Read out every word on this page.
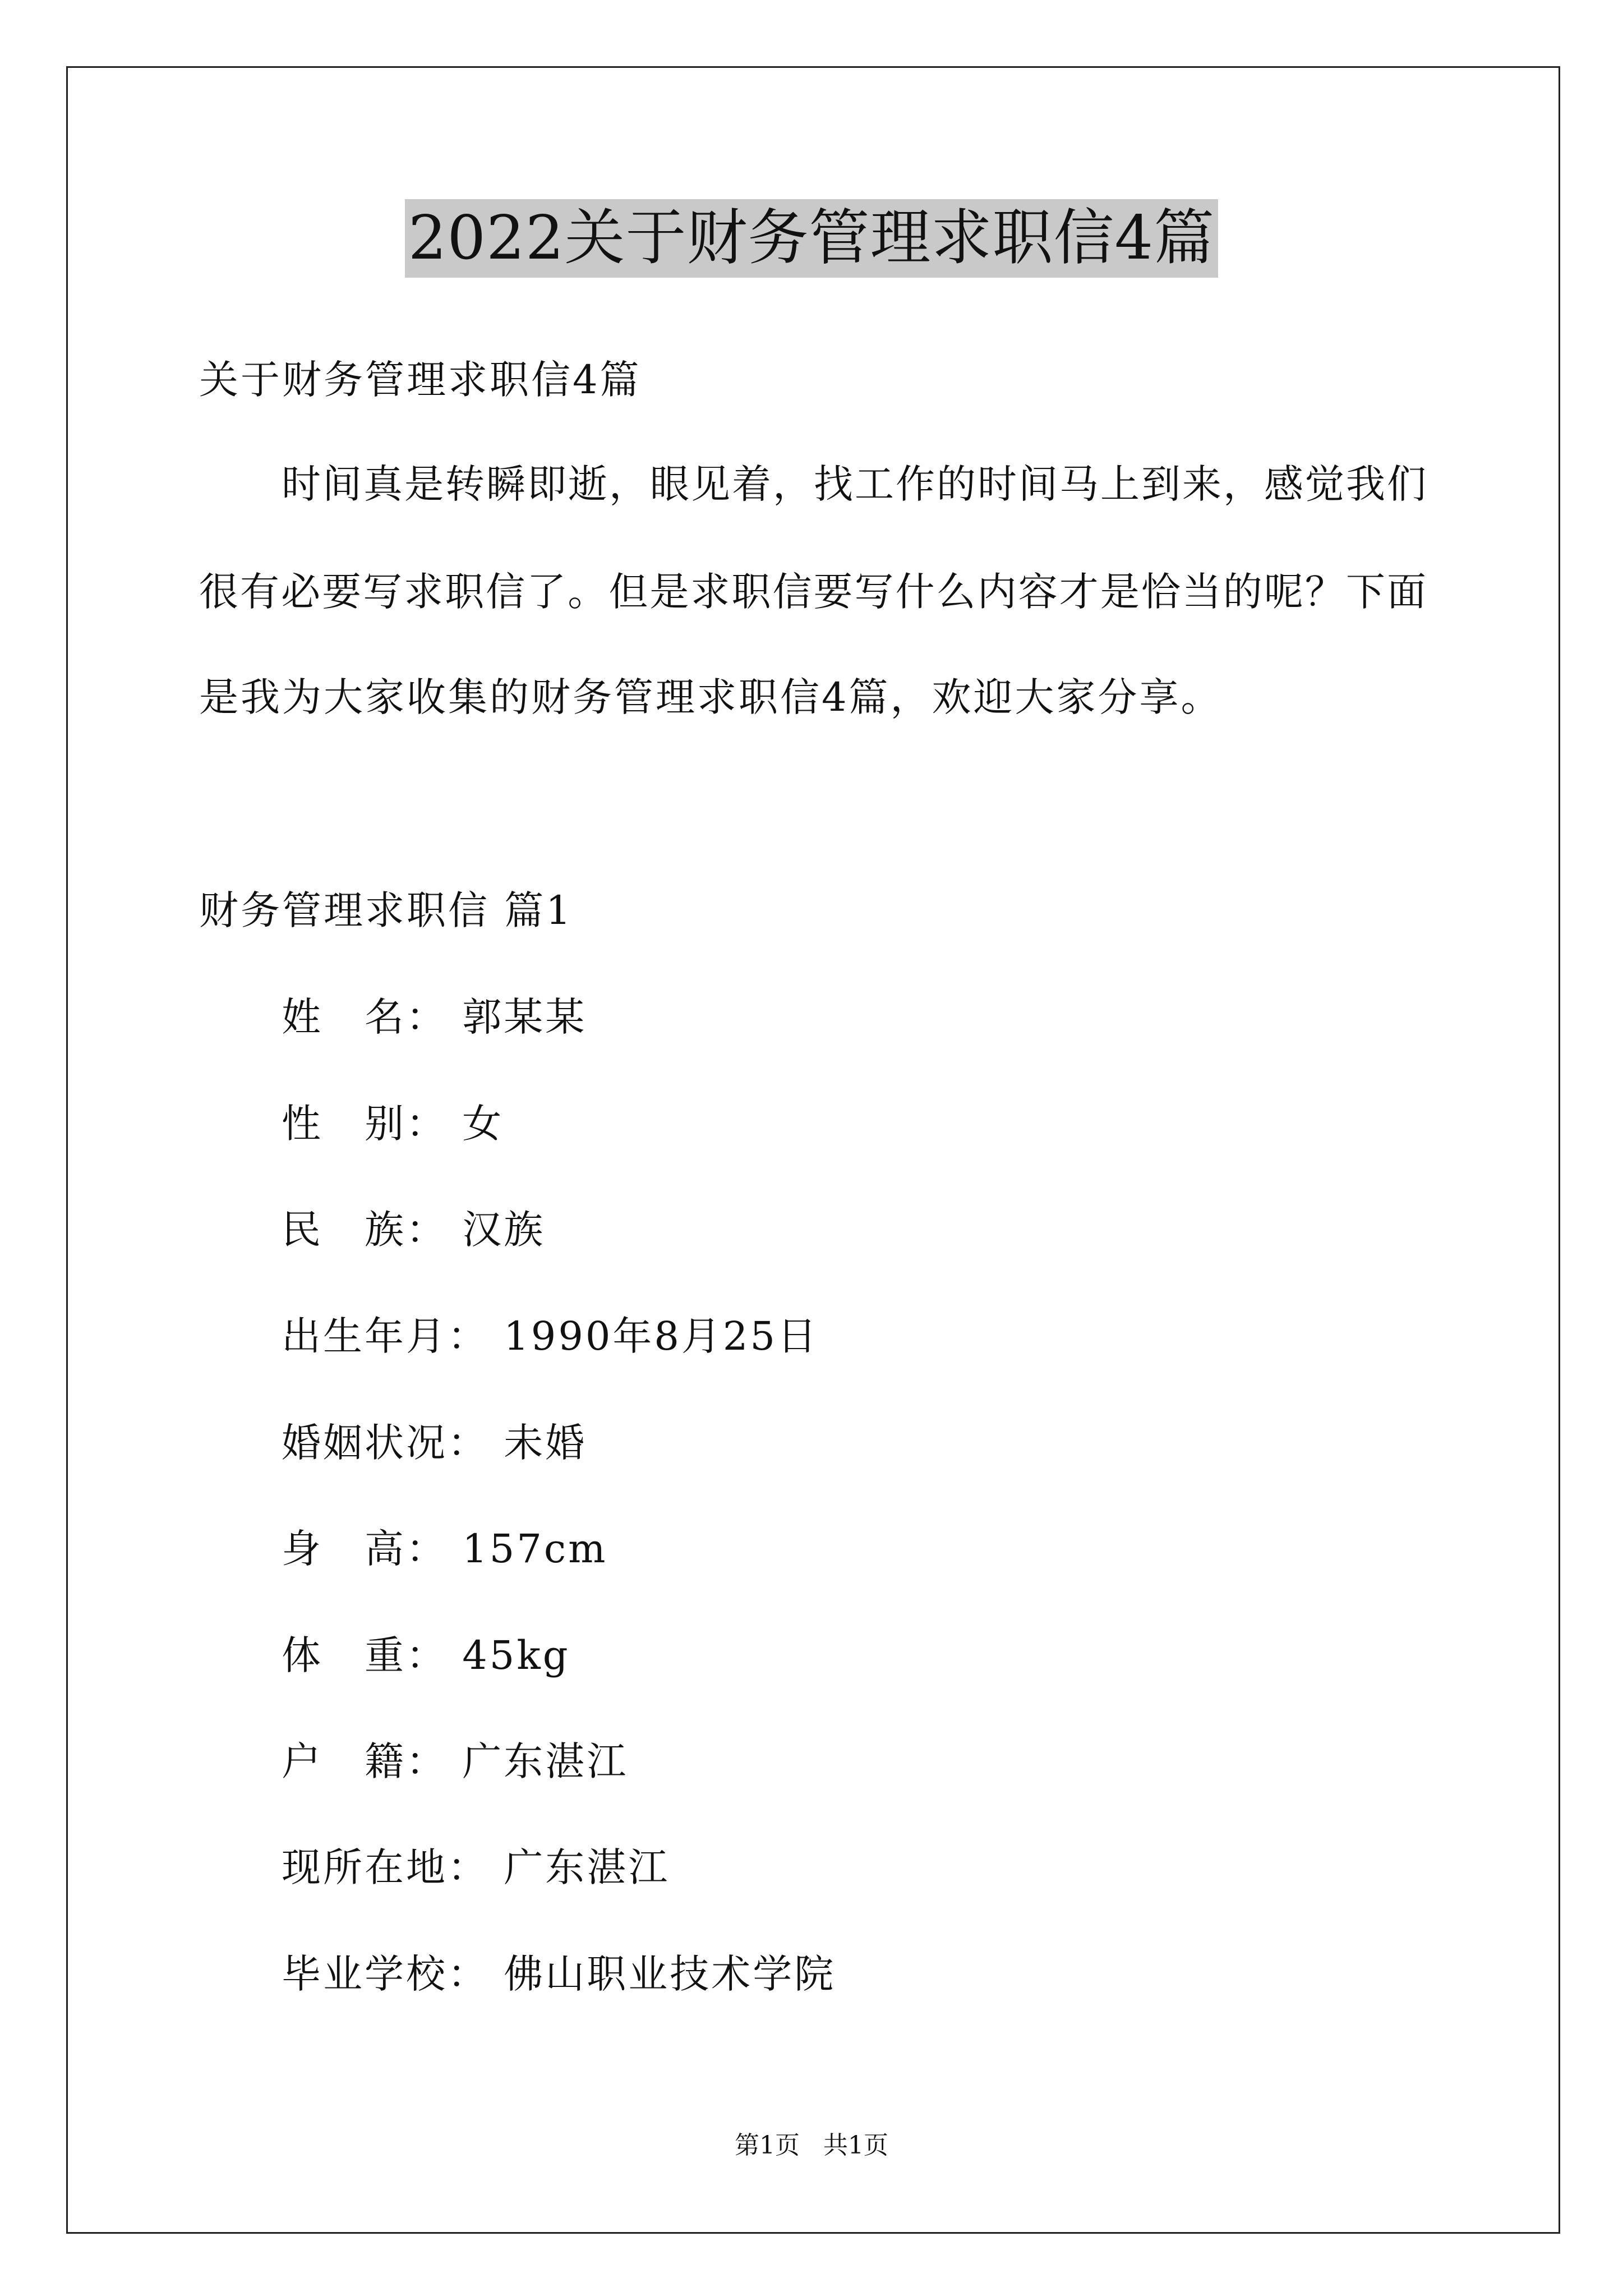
2022关于财务管理求职信4篇
关于财务管理求职信4篇
时间真是转瞬即逝，眼见着，找工作的时间马上到来，感觉我们
很有必要写求职信了。但是求职信要写什么内容才是恰当的呢？下面
是我为大家收集的财务管理求职信4篇，欢迎大家分享。
财务管理求职信 篇1
姓　名： 郭某某
性　别： 女
民　族： 汉族
出生年月： 1990年8月25日
婚姻状况： 未婚
身　高： 157cm
体　重： 45kg
户　籍： 广东湛江
现所在地： 广东湛江
毕业学校： 佛山职业技术学院
第1页   共1页
